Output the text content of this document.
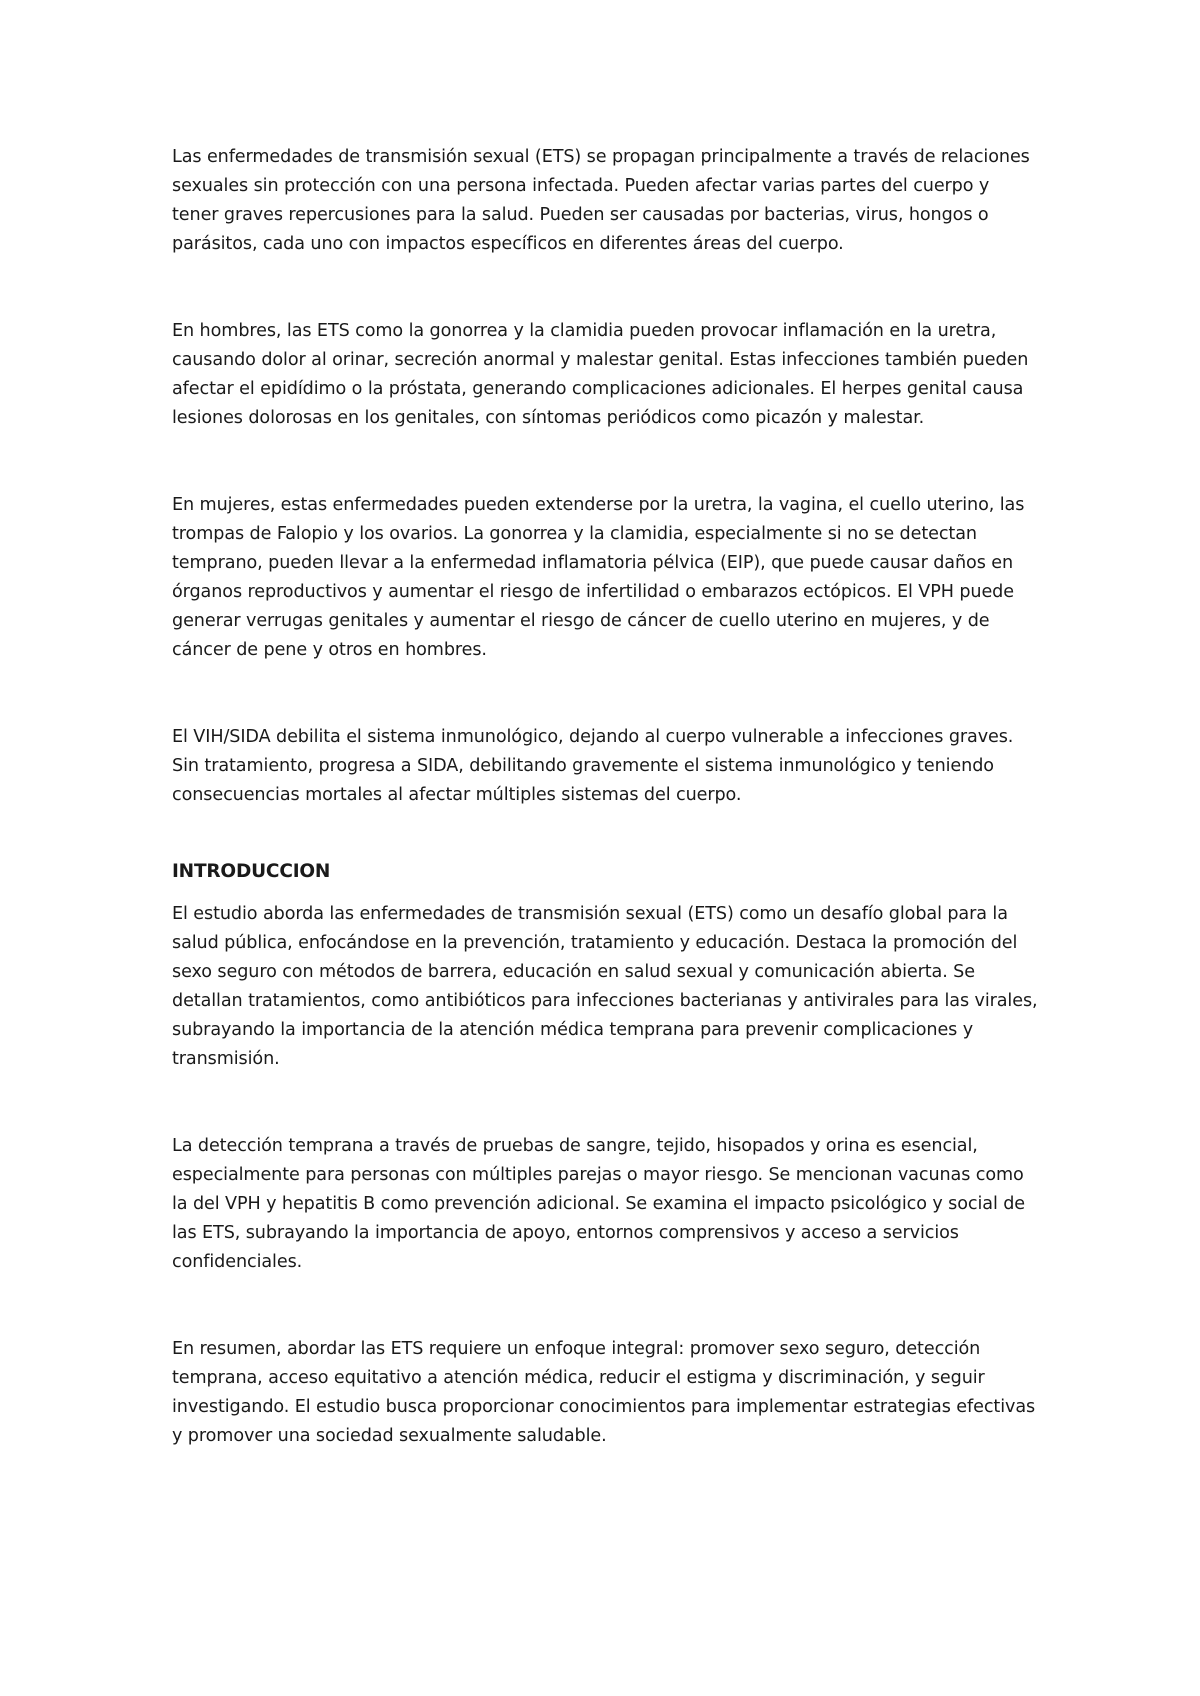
Las enfermedades de transmisión sexual (ETS) se propagan principalmente a través de relaciones sexuales sin protección con una persona infectada. Pueden afectar varias partes del cuerpo y tener graves repercusiones para la salud. Pueden ser causadas por bacterias, virus, hongos o parásitos, cada uno con impactos específicos en diferentes áreas del cuerpo.

En hombres, las ETS como la gonorrea y la clamidia pueden provocar inflamación en la uretra, causando dolor al orinar, secreción anormal y malestar genital. Estas infecciones también pueden afectar el epidídimo o la próstata, generando complicaciones adicionales. El herpes genital causa lesiones dolorosas en los genitales, con síntomas periódicos como picazón y malestar.

En mujeres, estas enfermedades pueden extenderse por la uretra, la vagina, el cuello uterino, las trompas de Falopio y los ovarios. La gonorrea y la clamidia, especialmente si no se detectan temprano, pueden llevar a la enfermedad inflamatoria pélvica (EIP), que puede causar daños en órganos reproductivos y aumentar el riesgo de infertilidad o embarazos ectópicos. El VPH puede generar verrugas genitales y aumentar el riesgo de cáncer de cuello uterino en mujeres, y de cáncer de pene y otros en hombres.

El VIH/SIDA debilita el sistema inmunológico, dejando al cuerpo vulnerable a infecciones graves. Sin tratamiento, progresa a SIDA, debilitando gravemente el sistema inmunológico y teniendo consecuencias mortales al afectar múltiples sistemas del cuerpo.

INTRODUCCION

El estudio aborda las enfermedades de transmisión sexual (ETS) como un desafío global para la salud pública, enfocándose en la prevención, tratamiento y educación. Destaca la promoción del sexo seguro con métodos de barrera, educación en salud sexual y comunicación abierta. Se detallan tratamientos, como antibióticos para infecciones bacterianas y antivirales para las virales, subrayando la importancia de la atención médica temprana para prevenir complicaciones y transmisión.

La detección temprana a través de pruebas de sangre, tejido, hisopados y orina es esencial, especialmente para personas con múltiples parejas o mayor riesgo. Se mencionan vacunas como la del VPH y hepatitis B como prevención adicional. Se examina el impacto psicológico y social de las ETS, subrayando la importancia de apoyo, entornos comprensivos y acceso a servicios confidenciales.

En resumen, abordar las ETS requiere un enfoque integral: promover sexo seguro, detección temprana, acceso equitativo a atención médica, reducir el estigma y discriminación, y seguir investigando. El estudio busca proporcionar conocimientos para implementar estrategias efectivas y promover una sociedad sexualmente saludable.
